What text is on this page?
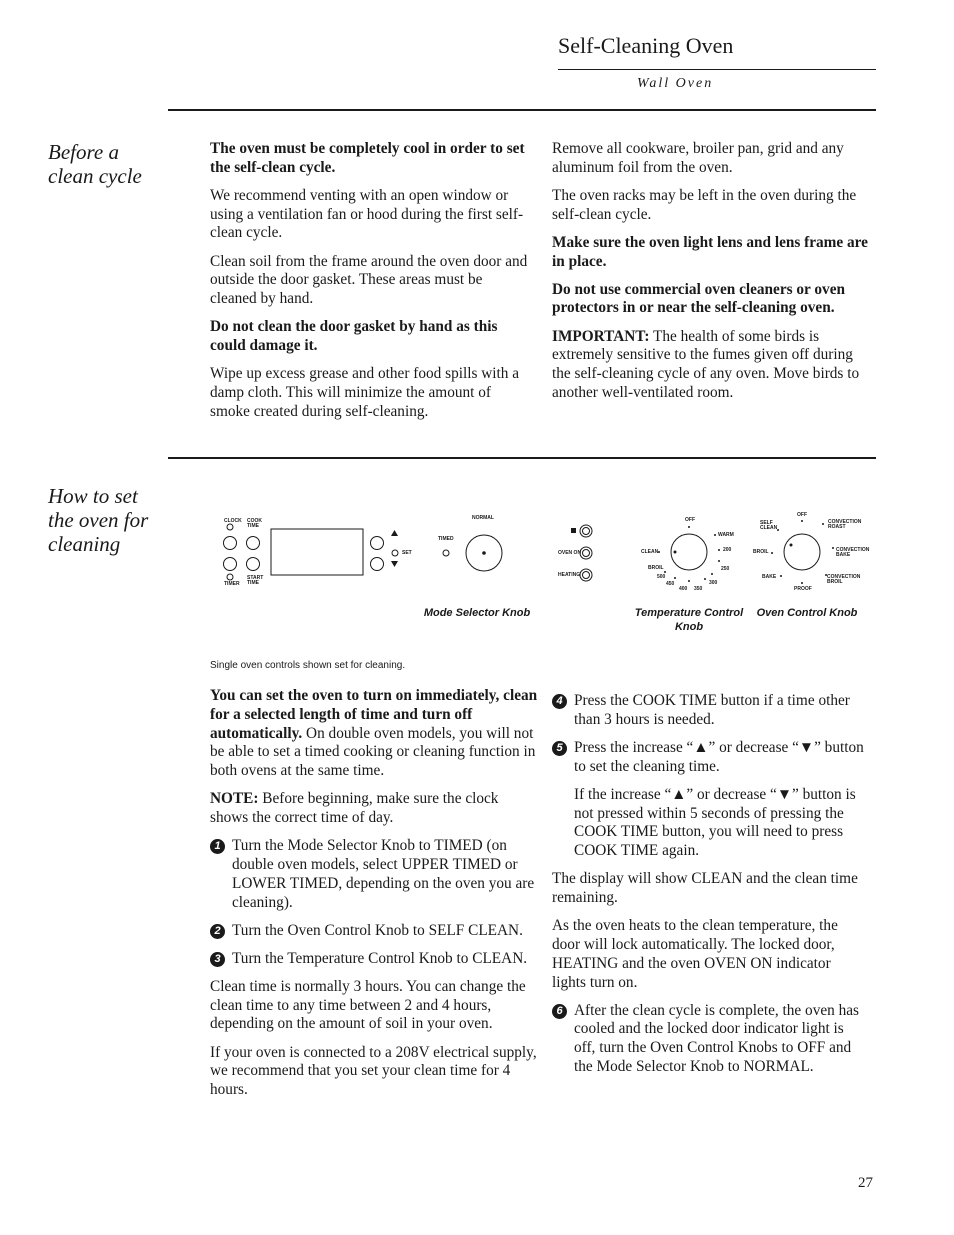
Self-Cleaning Oven
Wall Oven
Before a clean cycle

The oven must be completely cool in order to set the self-clean cycle.

We recommend venting with an open window or using a ventilation fan or hood during the first self-clean cycle.

Clean soil from the frame around the oven door and outside the door gasket. These areas must be cleaned by hand.

Do not clean the door gasket by hand as this could damage it.

Wipe up excess grease and other food spills with a damp cloth. This will minimize the amount of smoke created during self-cleaning.

Remove all cookware, broiler pan, grid and any aluminum foil from the oven.

The oven racks may be left in the oven during the self-clean cycle.

Make sure the oven light lens and lens frame are in place.

Do not use commercial oven cleaners or oven protectors in or near the self-cleaning oven.

IMPORTANT: The health of some birds is extremely sensitive to the fumes given off during the self-cleaning cycle of any oven. Move birds to another well-ventilated room.

How to set the oven for cleaning
CLOCK COOK TIME
TIMER
START TIME
SET
NORMAL
TIMED
OVEN ON
HEATING
OFF
WARM
CLEAN
BROIL
200
250
300
350
400
450
500
OFF
SELF CLEAN
BROIL
BAKE
PROOF
CONVECTION ROAST
CONVECTION BAKE
CONVECTION BROIL
Mode Selector Knob	Temperature Control Knob
Oven Control Knob
Single oven controls shown set for cleaning.

You can set the oven to turn on immediately, clean for a selected length of time and turn off automatically. On double oven models, you will not be able to set a timed cooking or cleaning function in both ovens at the same time.

NOTE: Before beginning, make sure the clock shows the correct time of day.

1 Turn the Mode Selector Knob to TIMED (on double oven models, select UPPER TIMED or LOWER TIMED, depending on the oven you are cleaning).
2 Turn the Oven Control Knob to SELF CLEAN.
3 Turn the Temperature Control Knob to CLEAN.

Clean time is normally 3 hours. You can change the clean time to any time between 2 and 4 hours, depending on the amount of soil in your oven.

If your oven is connected to a 208V electrical supply, we recommend that you set your clean time for 4 hours.

4 Press the COOK TIME button if a time other than 3 hours is needed.
5 Press the increase “▲” or decrease “▼” button to set the cleaning time.

If the increase “▲” or decrease “▼” button is not pressed within 5 seconds of pressing the COOK TIME button, you will need to press COOK TIME again.

The display will show CLEAN and the clean time remaining.

As the oven heats to the clean temperature, the door will lock automatically. The locked door, HEATING and the oven OVEN ON indicator lights turn on.

6 After the clean cycle is complete, the oven has cooled and the locked door indicator light is off, turn the Oven Control Knobs to OFF and the Mode Selector Knob to NORMAL.
27
